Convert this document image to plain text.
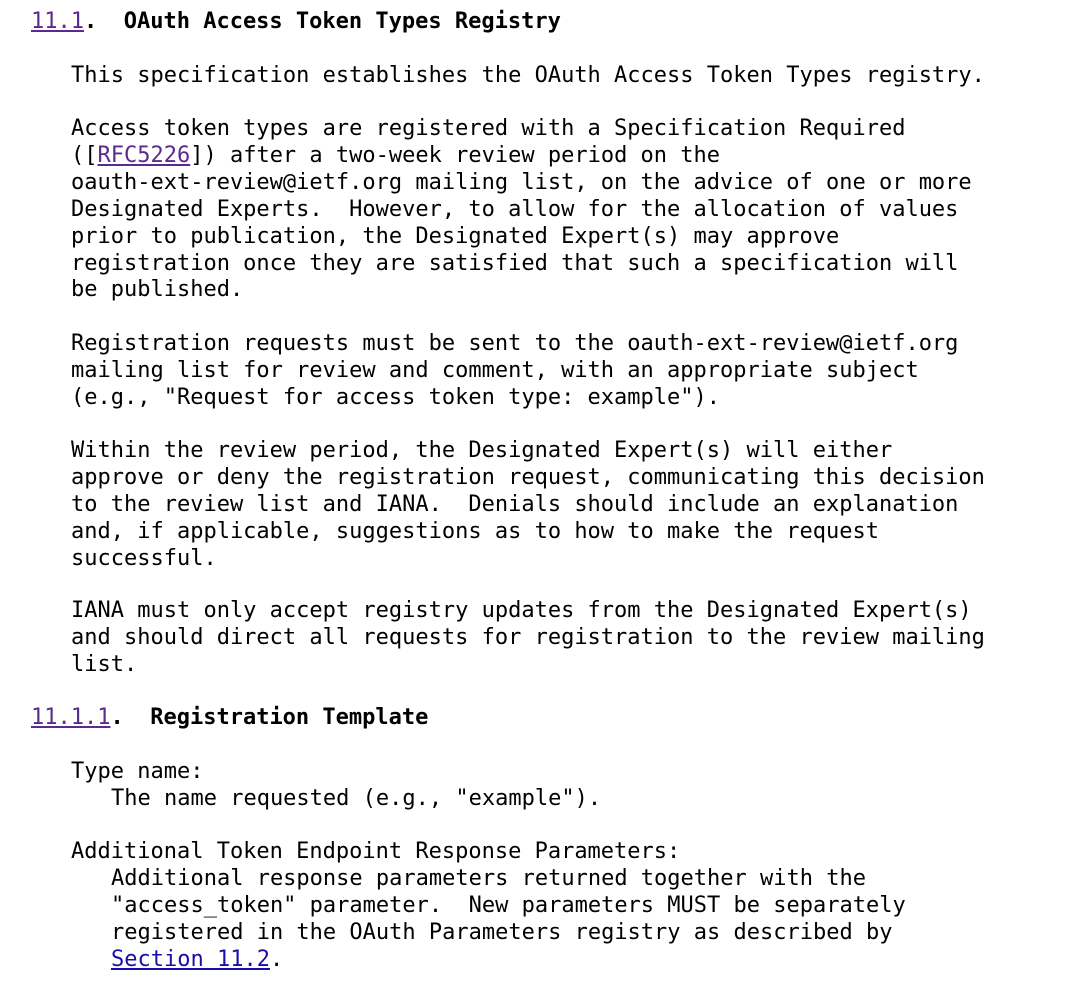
11.1.  OAuth Access Token Types Registry
This specification establishes the OAuth Access Token Types registry.
Access token types are registered with a Specification Required
([RFC5226]) after a two-week review period on the
oauth-ext-review@ietf.org mailing list, on the advice of one or more
Designated Experts.  However, to allow for the allocation of values
prior to publication, the Designated Expert(s) may approve
registration once they are satisfied that such a specification will
be published.
Registration requests must be sent to the oauth-ext-review@ietf.org
mailing list for review and comment, with an appropriate subject
(e.g., "Request for access token type: example").
Within the review period, the Designated Expert(s) will either
approve or deny the registration request, communicating this decision
to the review list and IANA.  Denials should include an explanation
and, if applicable, suggestions as to how to make the request
successful.
IANA must only accept registry updates from the Designated Expert(s)
and should direct all requests for registration to the review mailing
list.
11.1.1.  Registration Template
Type name:
The name requested (e.g., "example").
Additional Token Endpoint Response Parameters:
Additional response parameters returned together with the
"access_token" parameter.  New parameters MUST be separately
registered in the OAuth Parameters registry as described by
Section 11.2.
